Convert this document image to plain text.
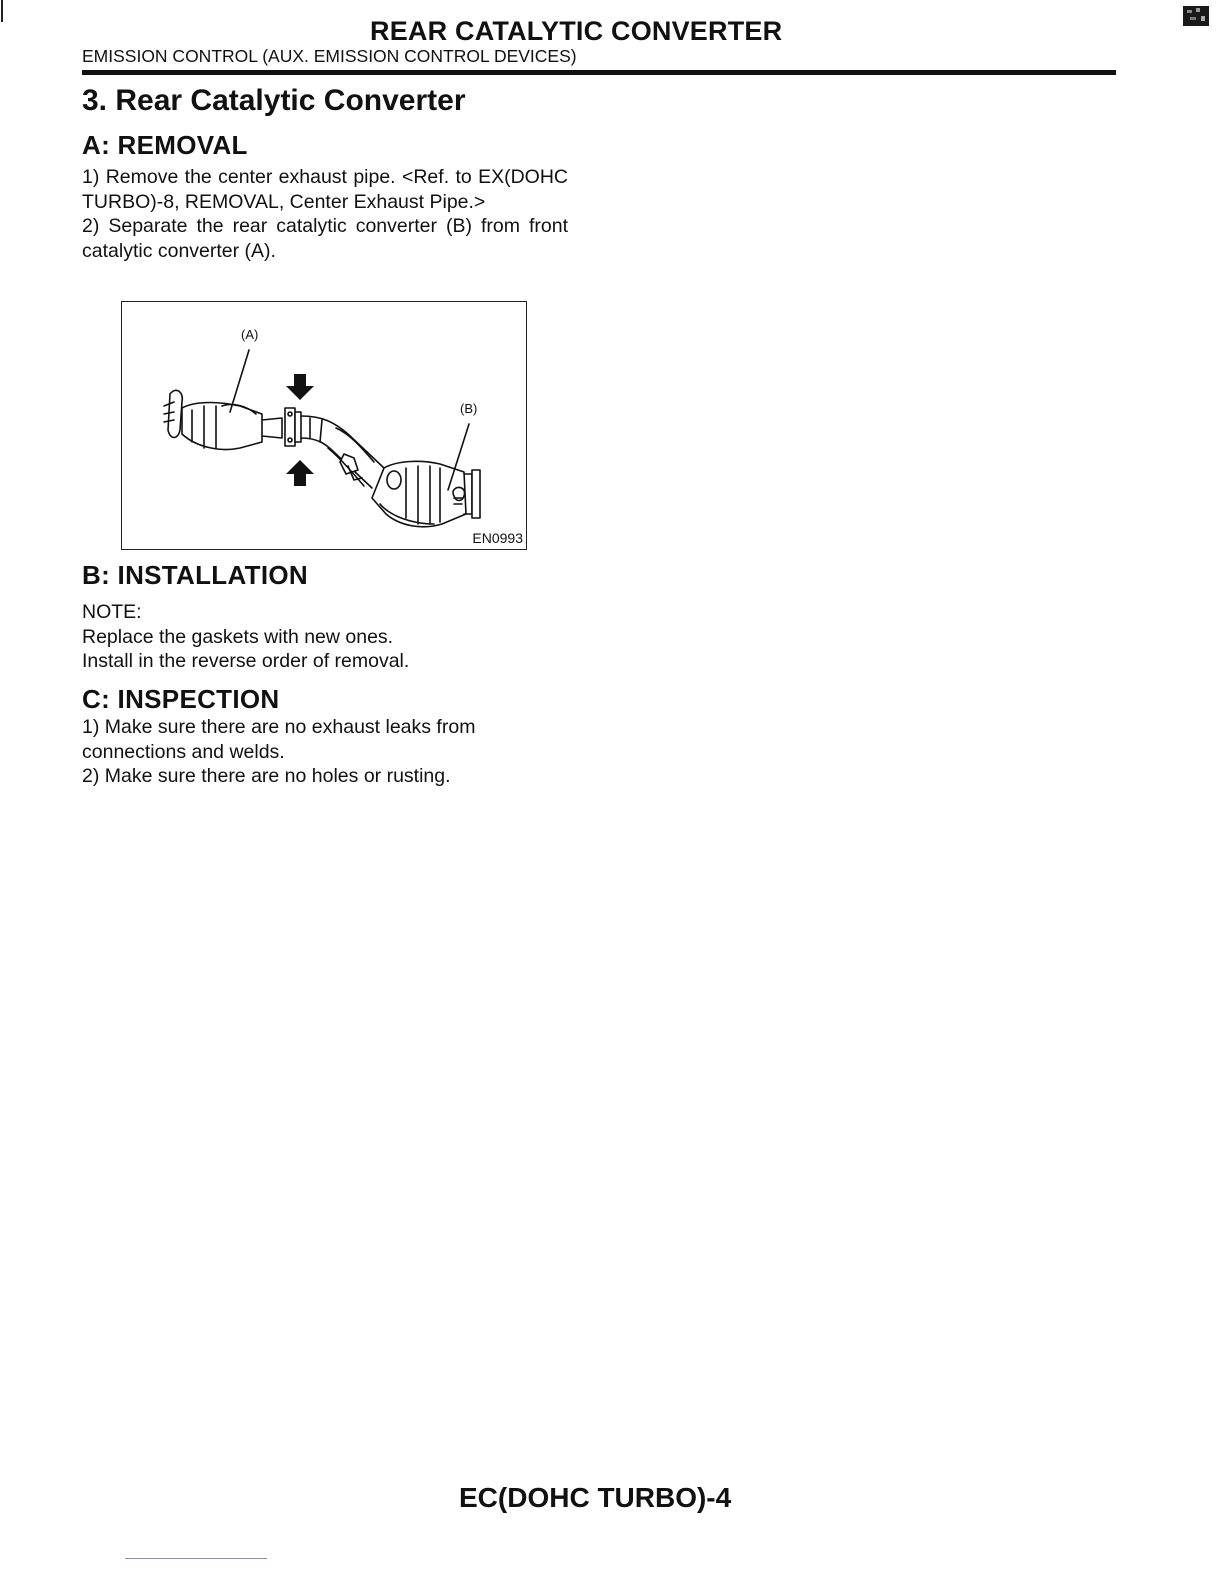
REAR CATALYTIC CONVERTER
EMISSION CONTROL (AUX. EMISSION CONTROL DEVICES)
3. Rear Catalytic Converter
A: REMOVAL

1) Remove the center exhaust pipe. <Ref. to EX(DOHC TURBO)-8, REMOVAL, Center Exhaust Pipe.>

2) Separate the rear catalytic converter (B) from front catalytic converter (A).

(A)
(B)
EN0993
B: INSTALLATION

NOTE:

Replace the gaskets with new ones.

Install in the reverse order of removal.

C: INSPECTION

1) Make sure there are no exhaust leaks from connections and welds.

2) Make sure there are no holes or rusting.

EC(DOHC TURBO)-4
